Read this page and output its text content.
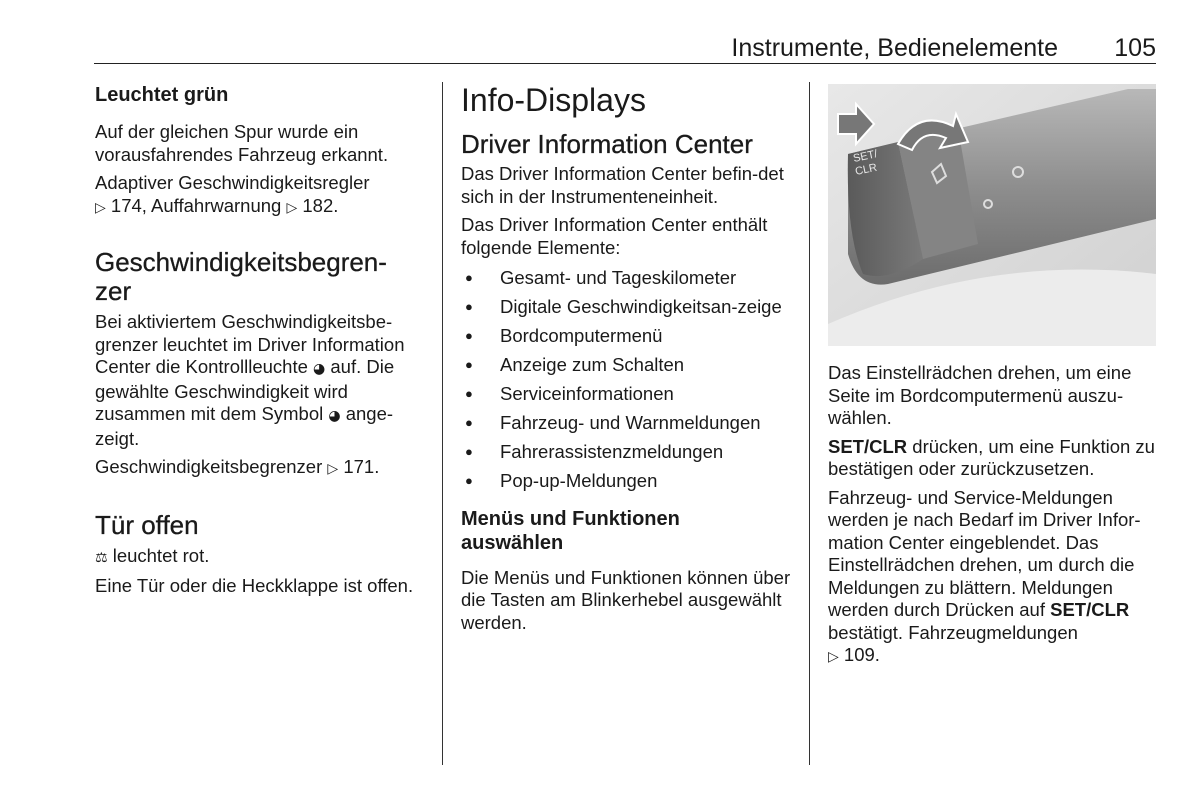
Instrumente, Bedienelemente 105
Leuchtet grün

Auf der gleichen Spur wurde ein vorausfahrendes Fahrzeug erkannt.

Adaptiver Geschwindigkeitsregler
▷ 174, Auffahrwarnung ▷ 182.

Geschwindigkeitsbegren-
zer

Bei aktiviertem Geschwindigkeitsbe-grenzer leuchtet im Driver Information Center die Kontrollleuchte ◕ auf. Die gewählte Geschwindigkeit wird zusammen mit dem Symbol ◕ ange-zeigt.

Geschwindigkeitsbegrenzer ▷ 171.

Tür offen

⚖ leuchtet rot.

Eine Tür oder die Heckklappe ist offen.

Info-Displays
Driver Information Center

Das Driver Information Center befin-det sich in der Instrumenteneinheit.

Das Driver Information Center enthält folgende Elemente:

● Gesamt- und Tageskilometer
● Digitale Geschwindigkeitsan-zeige
● Bordcomputermenü
● Anzeige zum Schalten
● Serviceinformationen
● Fahrzeug- und Warnmeldungen
● Fahrerassistenzmeldungen
● Pop-up-Meldungen
Menüs und Funktionen auswählen

Die Menüs und Funktionen können über die Tasten am Blinkerhebel ausgewählt werden.

SET/
CLR

Das Einstellrädchen drehen, um eine Seite im Bordcomputermenü auszu-wählen.

SET/CLR drücken, um eine Funktion zu bestätigen oder zurückzusetzen.

Fahrzeug- und Service-Meldungen werden je nach Bedarf im Driver Infor-mation Center eingeblendet. Das Einstellrädchen drehen, um durch die Meldungen zu blättern. Meldungen werden durch Drücken auf SET/CLR bestätigt. Fahrzeugmeldungen
▷ 109.
